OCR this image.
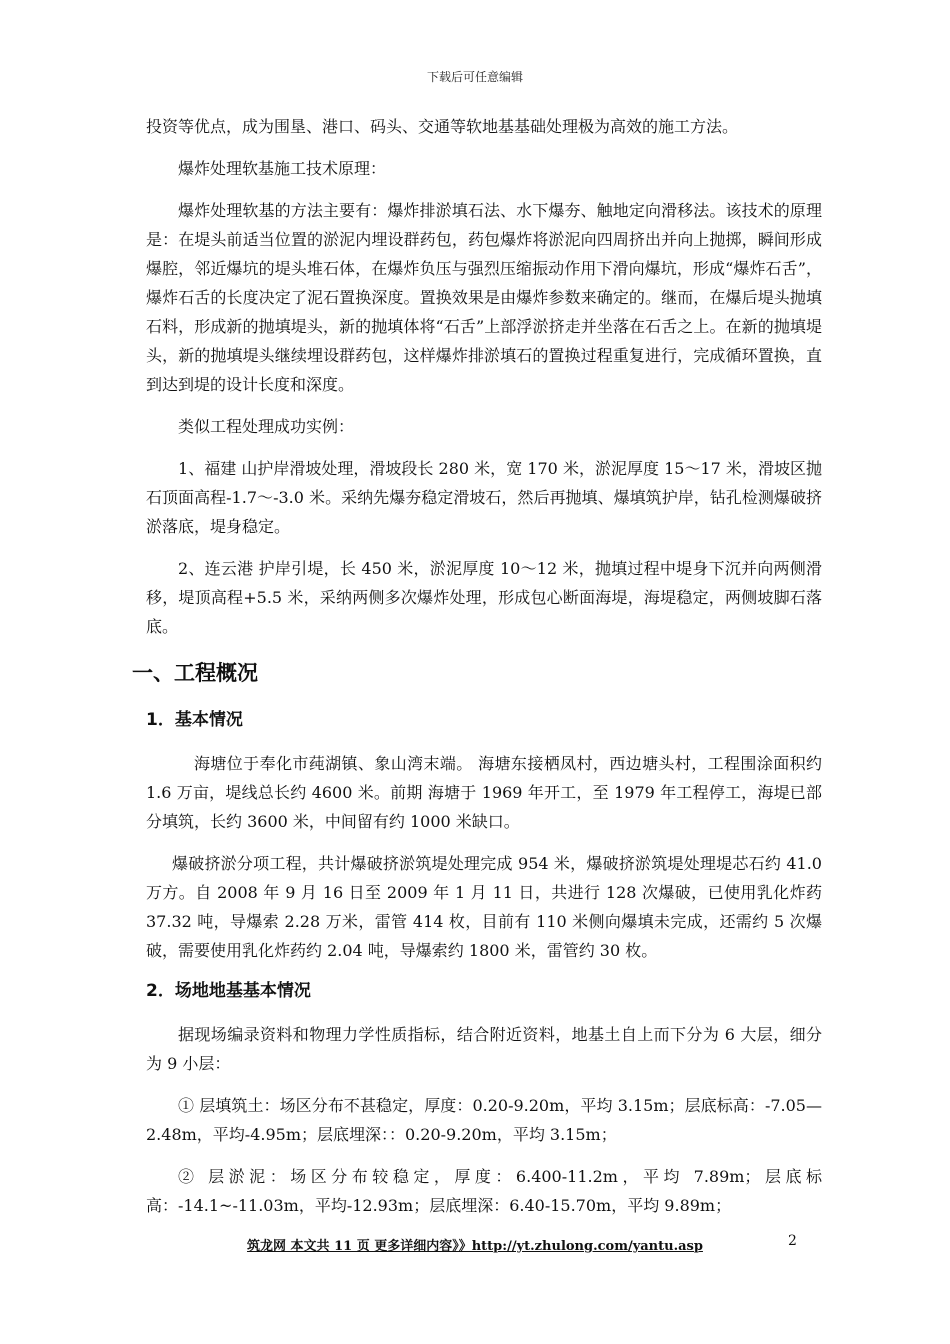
下载后可任意编辑

投资等优点，成为围垦、港口、码头、交通等软地基基础处理极为高效的施工方法。

爆炸处理软基施工技术原理：

爆炸处理软基的方法主要有：爆炸排淤填石法、水下爆夯、触地定向滑移法。该技术的原理是：在堤头前适当位置的淤泥内埋设群药包，药包爆炸将淤泥向四周挤出并向上抛掷，瞬间形成爆腔，邻近爆坑的堤头堆石体，在爆炸负压与强烈压缩振动作用下滑向爆坑，形成“爆炸石舌”，爆炸石舌的长度决定了泥石置换深度。置换效果是由爆炸参数来确定的。继而，在爆后堤头抛填石料，形成新的抛填堤头，新的抛填体将“石舌”上部浮淤挤走并坐落在石舌之上。在新的抛填堤头，新的抛填堤头继续埋设群药包，这样爆炸排淤填石的置换过程重复进行，完成循环置换，直到达到堤的设计长度和深度。

类似工程处理成功实例：

1、福建 山护岸滑坡处理，滑坡段长 280 米，宽 170 米，淤泥厚度 15～17 米，滑坡区抛石顶面高程-1.7～-3.0 米。采纳先爆夯稳定滑坡石，然后再抛填、爆填筑护岸，钻孔检测爆破挤淤落底，堤身稳定。

2、连云港 护岸引堤，长 450 米，淤泥厚度 10～12 米，抛填过程中堤身下沉并向两侧滑移，堤顶高程+5.5 米，采纳两侧多次爆炸处理，形成包心断面海堤，海堤稳定，两侧坡脚石落底。

一、工程概况
1．基本情况

海塘位于奉化市莼湖镇、象山湾末端。 海塘东接栖凤村，西边塘头村，工程围涂面积约 1.6 万亩，堤线总长约 4600 米。前期 海塘于 1969 年开工，至 1979 年工程停工，海堤已部分填筑，长约 3600 米，中间留有约 1000 米缺口。

爆破挤淤分项工程，共计爆破挤淤筑堤处理完成 954 米，爆破挤淤筑堤处理堤芯石约 41.0 万方。自 2008 年 9 月 16 日至 2009 年 1 月 11 日，共进行 128 次爆破，已使用乳化炸药 37.32 吨，导爆索 2.28 万米，雷管 414 枚，目前有 110 米侧向爆填未完成，还需约 5 次爆破，需要使用乳化炸药约 2.04 吨，导爆索约 1800 米，雷管约 30 枚。

2．场地地基基本情况

据现场编录资料和物理力学性质指标，结合附近资料，地基土自上而下分为 6 大层，细分为 9 小层：

① 层填筑土：场区分布不甚稳定，厚度：0.20-9.20m，平均 3.15m；层底标高：-7.05—2.48m，平均-4.95m；层底埋深：：0.20-9.20m，平均 3.15m；

② 层淤泥：场区分布较稳定，厚度：6.400-11.2m，平均 7.89m；层底标高：-14.1~-11.03m，平均-12.93m；层底埋深：6.40-15.70m，平均 9.89m；

筑龙网 本文共 11 页 更多详细内容》》http://yt.zhulong.com/yantu.asp	2
